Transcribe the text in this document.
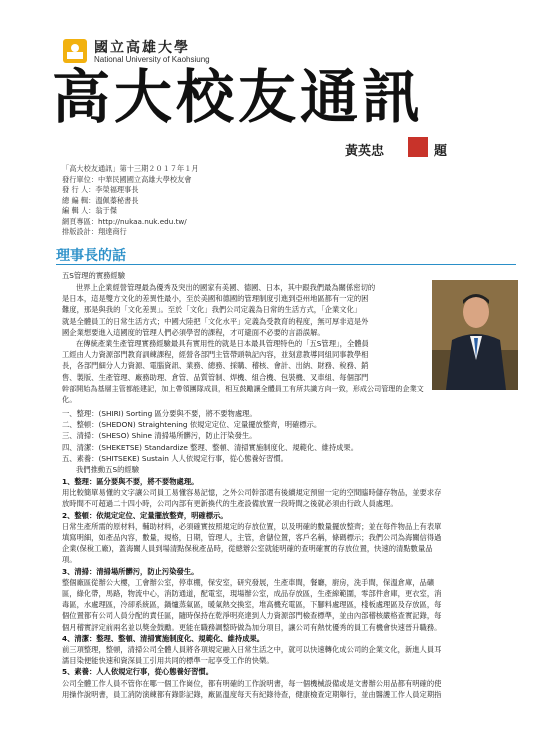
國立高雄大學
National University of Kaohsiung
高大校友通訊
黃英忠	題
「高大校友通訊」第十三期２０１７年１月
發行單位：中華民國國立高雄大學校友會
發 行 人：李榮福理事長
總 編 輯：溫佩蓁秘書長
編 輯 人：翁于傑
網頁專區：http://nukaa.nuk.edu.tw/
排版設計：翔達商行
理事長的話
五S管理的實務經驗
世界上企業經營管理最為優秀及突出的國家有美國、德國、日本，其中跟我們最為關係密切的
是日本，這是雙方文化的差異性最小，至於美國和德國的管理制度引進到亞州地區都有一定的困
難度，那是與我的「文化差異」。至於「文化」我們公司定義為日常的生活方式，「企業文化」
就是全體員工的日常生活方式；中國大陸把「文化水平」定義為受教育的程度，無可厚非這是外
國企業想要進入這國度的管理人們必須學習的課程，才可避面不必要的言語誤解。
在傳統產業生產管理實務經驗最具有實用性的就是日本最具管理特色的「五S管理」，全體員
工經由人力資源部門教育訓練課程，經營各部門主管帶頭執記內容，並刻意教導同組同事教學相
長，各部門細分人力資源、電腦資訊、業務、總務、採購、稽核、會計、出納、財務、稅務、銷
售、製版、生產管理、廠務助理、倉管、品質管制、焊機、組合機、包裝機、叉車組、每個部門
幹部開始為基層主管都能建記，加上帶領團隊成員，相互鼓勵讓全體員工有所共識方向一致，形成公司管理的企業文
化。
一、整理：(SHIRI) Sorting 區分要與不要，將不要物處理。
二、整頓：(SHEDON) Straightening 依規定定位、定量擺放整齊，明確標示。
三、清掃：(SHESO) Shine 清掃場所髒污，防止汙染發生。
四、清潔：(SHEKETSE) Standardize 整理、整頓、清掃實施制度化、規範化、維持成果。
五、素養：(SHITSEKE) Sustain 人人依規定行事，從心態養好習慣。
我們推動五S的經驗
1、整理：區分要與不要，將不要物處理。
用比較簡單易懂的文字讓公司員工易懂容易記憶，之外公司幹部還有後續規定預留一定的空間臨時儲存物品，並要求存
放時間不可超過二十四小時，公司內部有更新換代的生產設備放置一段時間之後就必須由行政人員處理。
2、整頓：依規定定位、定量擺放整齊，明確標示。
日常生產所需的原材料，輔助材料，必須確實按照規定的存放位置，以及明確的數量擺放整齊；並在每件物品上有表單
填寫明細，如產品內容，數量，規格，日期，管理人，主管，倉儲位置，客戶名稱，條碼標示；我們公司為海關信得過
企業(保稅工廠)，蓋海關人員到場清點保稅產品時，從總辦公室就能明確的查明確實的存放位置，快速的清點數量品
項。
3、清掃：清掃場所髒污，防止污染發生。
整個廠區從辦公大樓，工會辦公室，停車棚，保安室，研究發展，生產車間，餐廳，廚房，洗手間，保溫倉庫，品礦
區，綠化帶，馬路，物流中心，消防通道，配電室，現場辦公室，成品存放區，生產線範圍，零部件倉庫，更衣室，消
毒區，水處理區，冷卻系統區，鍋爐蒸氣區，暖氣熱交換室，堆高機充電區，下腳料處理區，棧板處理區及存放區，每
個位置都有公司人員分配的責任區，隨時保持在乾淨明亮達到人力資源部門檢查標準，並由內部稽核嚴格查實記錄，每
個月稽實評定前兩名並以獎金鼓勵。更能在職務調整時做為加分項目，讓公司有熱忱優秀的員工有機會快速晉升職務。
4、清潔：整理、整頓、清掃實施制度化、規範化、維持成果。
前三項整理，整頓，清掃公司全體人員將各項規定融入日常生活之中，就可以快速轉化成公司的企業文化，新進人員耳
濡目染便能快速和資深員工引用共同的標準一起享受工作的快樂。
5、素養：人人依規定行事，從心態養好習慣。
公司全體工作人員不管你在哪一個工作崗位，都有明確的工作說明書，每一個機械設備或是文書辦公用品都有明確的使
用操作說明書，員工消防演練都有錄影記錄，廠區溫度每天有紀錄待查，健康檢查定期舉行，並由醫護工作人員定期指
